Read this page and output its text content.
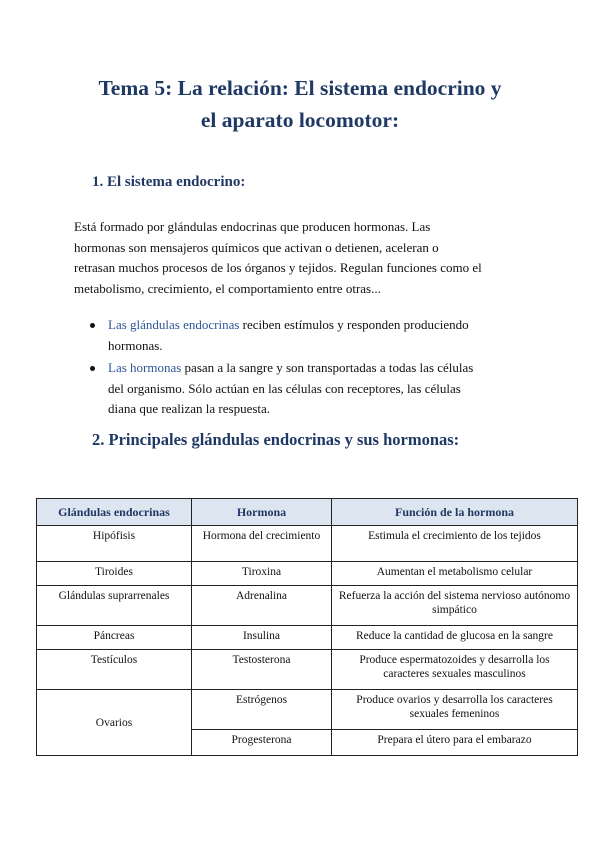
Tema 5: La relación: El sistema endocrino y
el aparato locomotor:
1. El sistema endocrino:
Está formado por glándulas endocrinas que producen hormonas. Las
hormonas son mensajeros químicos que activan o detienen, aceleran o
retrasan muchos procesos de los órganos y tejidos. Regulan funciones como el
metabolismo, crecimiento, el comportamiento entre otras...
Las glándulas endocrinas reciben estímulos y responden produciendo
hormonas.
Las hormonas pasan a la sangre y son transportadas a todas las células
del organismo. Sólo actúan en las células con receptores, las células
diana que realizan la respuesta.
2. Principales glándulas endocrinas y sus hormonas:
Glándulas endocrinas	Hormona	Función de la hormona
Hipófisis	Hormona del crecimiento	Estimula el crecimiento de los tejidos
Tiroides	Tiroxina	Aumentan el metabolismo celular
Glándulas suprarrenales	Adrenalina	Refuerza la acción del sistema nervioso autónomo simpático
Páncreas	Insulina	Reduce la cantidad de glucosa en la sangre
Testículos	Testosterona	Produce espermatozoides y desarrolla los caracteres sexuales masculinos
Ovarios	Estrógenos	Produce ovarios y desarrolla los caracteres sexuales femeninos
	Progesterona	Prepara el útero para el embarazo
